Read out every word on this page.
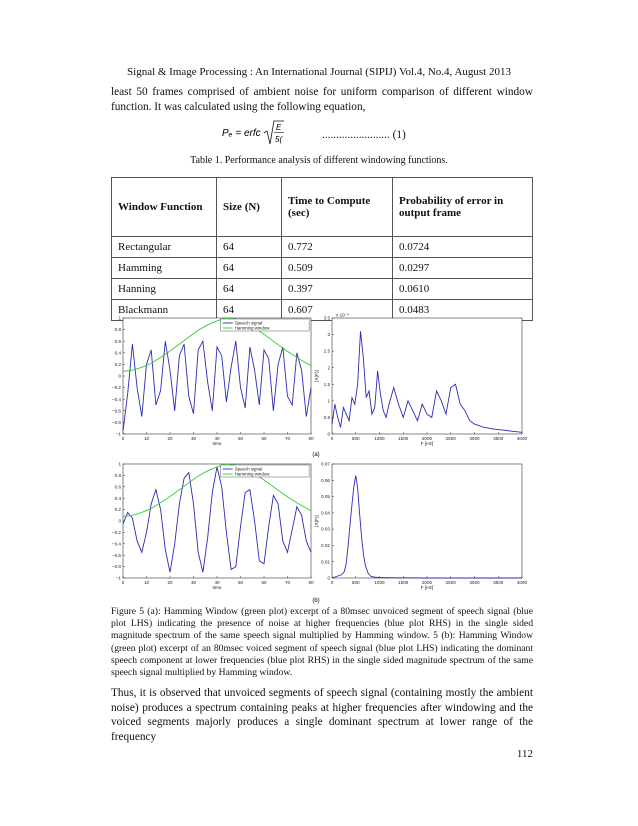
Signal & Image Processing : An International Journal (SIPIJ) Vol.4, No.4, August 2013
least 50 frames comprised of ambient noise for uniform comparison of different window function. It was calculated using the following equation,
Pₑ = erfc
E
5(	........................ (1)
Table 1. Performance analysis of different windowing functions.
Window Function	Size (N)	Time to Compute (sec)	Probability of error in output frame
Rectangular	64	0.772	0.0724
Hamming	64	0.509	0.0297
Hanning	64	0.397	0.0610
Blackmann	64	0.607	0.0483
0	10	20	30	40	50	60	70	80
1
0.8
0.6
0.4
0.2
0
−0.2
−0.4
−0.6
−0.8
−1
time
Speech signal
Hamming window
0	500	1000	1500	2000	2500	3000	3500	4000
3.5
3
2.5
2
1.5
1
0.5
0
F [Hz]
|X(F)|
x 10⁻³
0	10	20	30	40	50	60	70	80
1
0.8
0.6
0.4
0.2
0
−0.2
−0.4
−0.6
−0.8
−1
time
Speech signal
Hamming window
0	500	1000	1500	2000	2500	3000	3500	4000
0.07
0.06
0.05
0.04
0.03
0.02
0.01
0
F [Hz]
|X(F)|
(a)
(b)
Figure 5 (a): Hamming Window (green plot) excerpt of a 80msec unvoiced segment of speech signal (blue plot LHS) indicating the presence of noise at higher frequencies (blue plot RHS) in the single sided magnitude spectrum of the same speech signal multiplied by Hamming window. 5 (b): Hamming Window (green plot) excerpt of an 80msec voiced segment of speech signal (blue plot LHS) indicating the dominant speech component at lower frequencies (blue plot RHS) in the single sided magnitude spectrum of the same speech signal multiplied by Hamming window.
Thus, it is observed that unvoiced segments of speech signal (containing mostly the ambient noise) produces a spectrum containing peaks at higher frequencies after windowing and the voiced segments majorly produces a single dominant spectrum at lower range of the frequency
112
